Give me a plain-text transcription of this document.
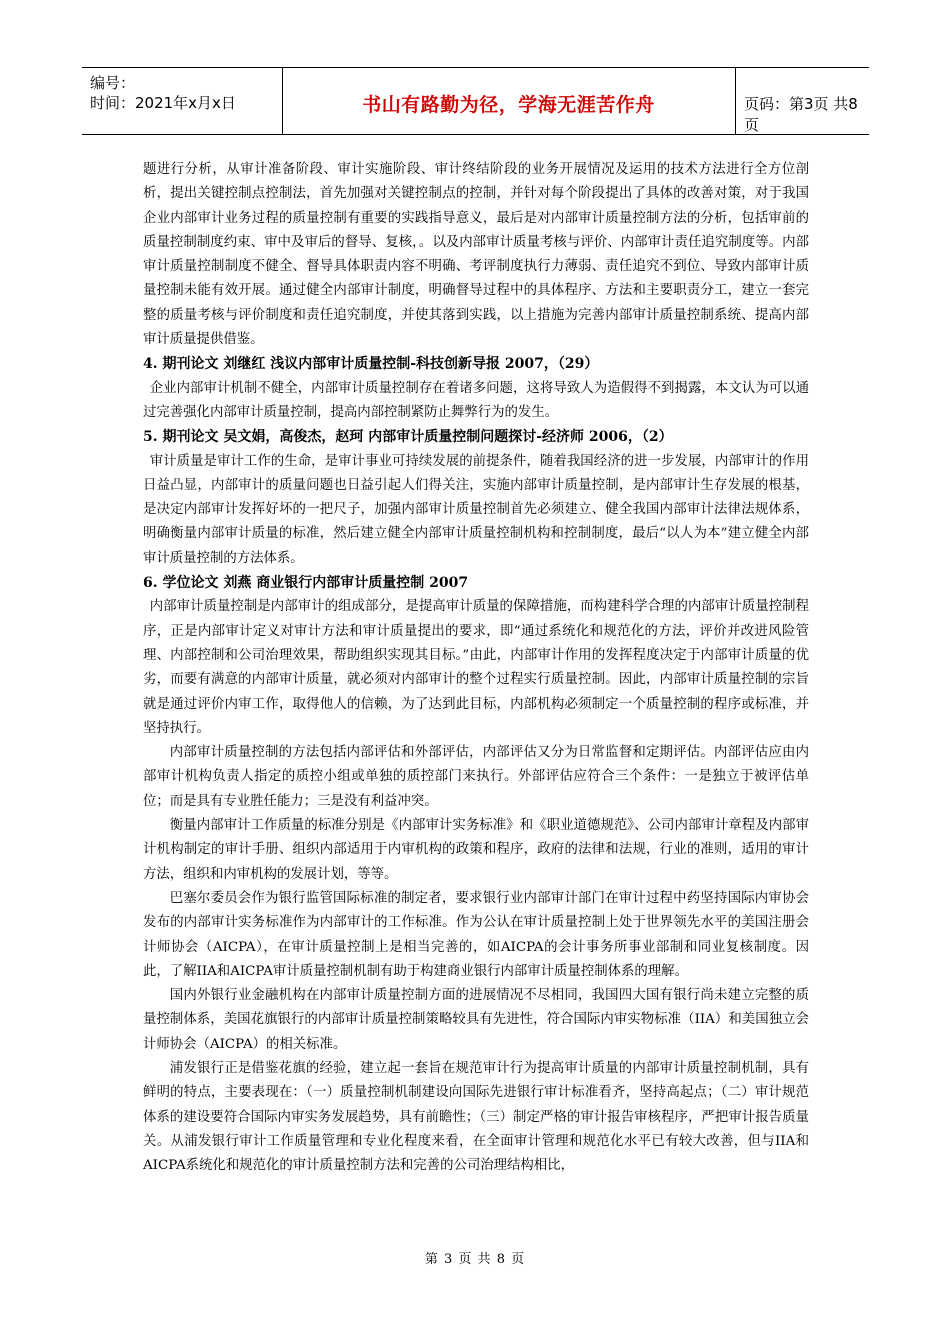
编号：
时间：2021年x月x日	书山有路勤为径，学海无涯苦作舟	页码：第3页 共8页

题进行分析，从审计准备阶段、审计实施阶段、审计终结阶段的业务开展情况及运用的技术方法进行全方位剖析，提出关键控制点控制法，首先加强对关键控制点的控制，并针对每个阶段提出了具体的改善对策，对于我国企业内部审计业务过程的质量控制有重要的实践指导意义，最后是对内部审计质量控制方法的分析，包括审前的质量控制制度约束、审中及审后的督导、复核，。以及内部审计质量考核与评价、内部审计责任追究制度等。内部审计质量控制制度不健全、督导具体职责内容不明确、考评制度执行力薄弱、责任追究不到位、导致内部审计质量控制未能有效开展。通过健全内部审计制度，明确督导过程中的具体程序、方法和主要职责分工，建立一套完整的质量考核与评价制度和责任追究制度，并使其落到实践，以上措施为完善内部审计质量控制系统、提高内部审计质量提供借鉴。

4. 期刊论文 刘继红 浅议内部审计质量控制-科技创新导报 2007，（29）

企业内部审计机制不健全，内部审计质量控制存在着诸多问题，这将导致人为造假得不到揭露，本文认为可以通过完善强化内部审计质量控制，提高内部控制紧防止舞弊行为的发生。

5. 期刊论文 吴文娟，高俊杰，赵珂 内部审计质量控制问题探讨-经济师 2006，（2）

审计质量是审计工作的生命，是审计事业可持续发展的前提条件，随着我国经济的进一步发展，内部审计的作用日益凸显，内部审计的质量问题也日益引起人们得关注，实施内部审计质量控制，是内部审计生存发展的根基，是决定内部审计发挥好坏的一把尺子，加强内部审计质量控制首先必须建立、健全我国内部审计法律法规体系，明确衡量内部审计质量的标准，然后建立健全内部审计质量控制机构和控制制度，最后“以人为本”建立健全内部审计质量控制的方法体系。

6. 学位论文 刘燕 商业银行内部审计质量控制 2007

内部审计质量控制是内部审计的组成部分，是提高审计质量的保障措施，而构建科学合理的内部审计质量控制程序，正是内部审计定义对审计方法和审计质量提出的要求，即“通过系统化和规范化的方法，评价并改进风险管理、内部控制和公司治理效果，帮助组织实现其目标。”由此，内部审计作用的发挥程度决定于内部审计质量的优劣，而要有满意的内部审计质量，就必须对内部审计的整个过程实行质量控制。因此，内部审计质量控制的宗旨就是通过评价内审工作，取得他人的信赖，为了达到此目标，内部机构必须制定一个质量控制的程序或标准，并坚持执行。

内部审计质量控制的方法包括内部评估和外部评估，内部评估又分为日常监督和定期评估。内部评估应由内部审计机构负责人指定的质控小组或单独的质控部门来执行。外部评估应符合三个条件：一是独立于被评估单位；而是具有专业胜任能力；三是没有利益冲突。

衡量内部审计工作质量的标准分别是《内部审计实务标准》和《职业道德规范》、公司内部审计章程及内部审计机构制定的审计手册、组织内部适用于内审机构的政策和程序，政府的法律和法规，行业的准则，适用的审计方法，组织和内审机构的发展计划，等等。

巴塞尔委员会作为银行监管国际标准的制定者，要求银行业内部审计部门在审计过程中药坚持国际内审协会发布的内部审计实务标准作为内部审计的工作标准。作为公认在审计质量控制上处于世界领先水平的美国注册会计师协会（AICPA），在审计质量控制上是相当完善的，如AICPA的会计事务所事业部制和同业复核制度。因此，了解IIA和AICPA审计质量控制机制有助于构建商业银行内部审计质量控制体系的理解。

国内外银行业金融机构在内部审计质量控制方面的进展情况不尽相同，我国四大国有银行尚未建立完整的质量控制体系，美国花旗银行的内部审计质量控制策略较具有先进性，符合国际内审实物标准（IIA）和美国独立会计师协会（AICPA）的相关标准。

浦发银行正是借鉴花旗的经验，建立起一套旨在规范审计行为提高审计质量的内部审计质量控制机制，具有鲜明的特点，主要表现在：（一）质量控制机制建设向国际先进银行审计标准看齐，坚持高起点；（二）审计规范体系的建设要符合国际内审实务发展趋势，具有前瞻性；（三）制定严格的审计报告审核程序，严把审计报告质量关。从浦发银行审计工作质量管理和专业化程度来看，在全面审计管理和规范化水平已有较大改善，但与IIA和AICPA系统化和规范化的审计质量控制方法和完善的公司治理结构相比，

第 3 页 共 8 页
